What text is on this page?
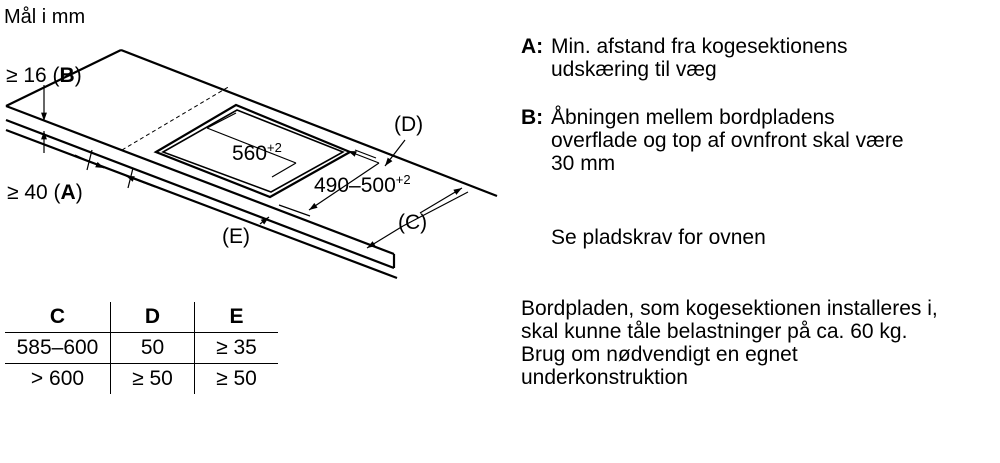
Mål i mm
≥ 16 (B)
≥ 40 (A)
(D)
(C)
(E)
$560^{+2}$
$490-500^{+2}$
C	D	E
585–600	50	≥ 35
> 600	≥ 50	≥ 50
A: Min. afstand fra kogesektionens
udskæring til væg
B: Åbningen mellem bordpladens
overflade og top af ovnfront skal være
30 mm
Se pladskrav for ovnen
Bordpladen, som kogesektionen installeres i,
skal kunne tåle belastninger på ca. 60 kg.
Brug om nødvendigt en egnet
underkonstruktion
